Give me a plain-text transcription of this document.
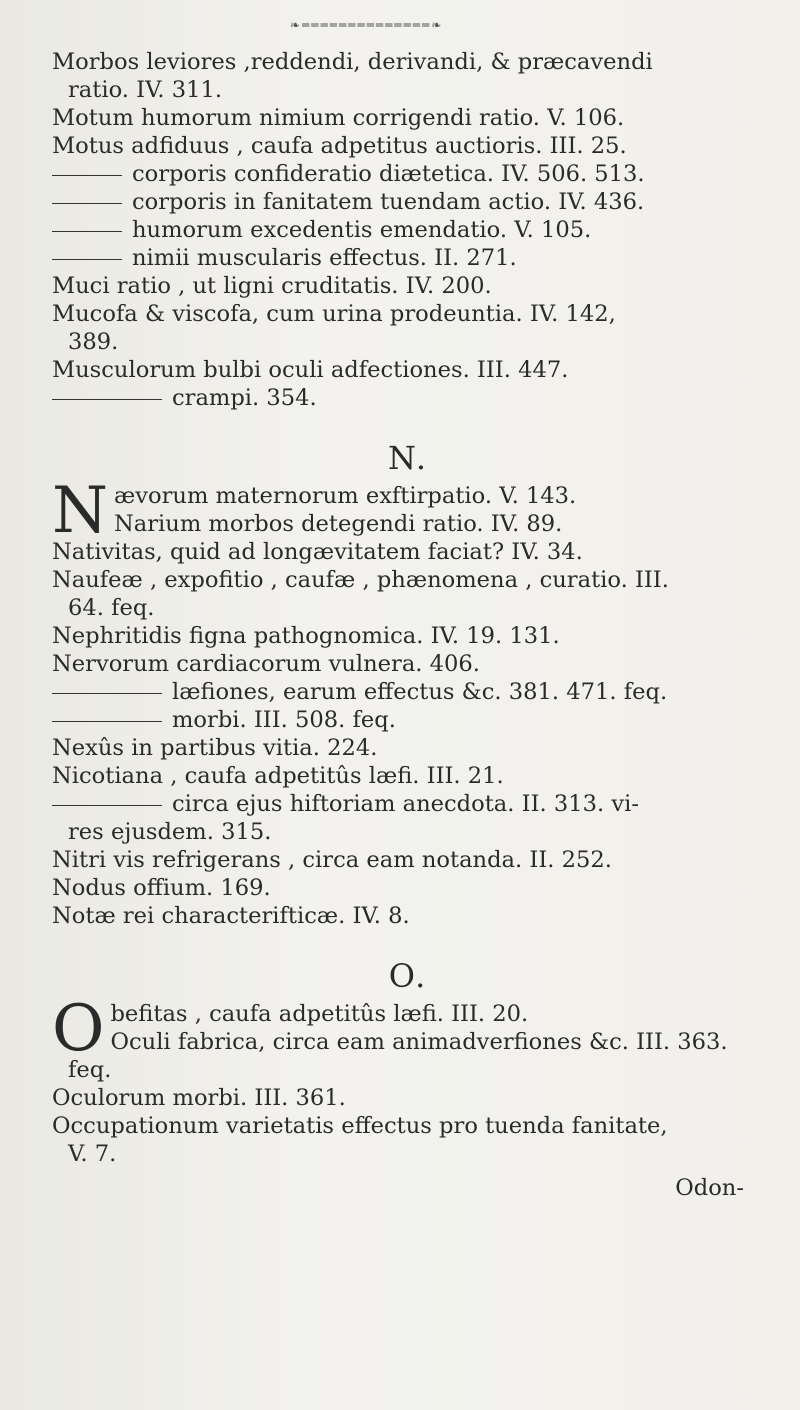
❧══════════════❧

Morbos leviores ,reddendi, derivandi, & præcavendi
ratio. IV. 311.

Motum humorum nimium corrigendi ratio. V. 106.

Motus adfiduus , caufa adpetitus auctioris. III. 25.

corporis confideratio diætetica. IV. 506. 513.

corporis in fanitatem tuendam actio. IV. 436.

humorum excedentis emendatio. V. 105.

nimii muscularis effectus. II. 271.

Muci ratio , ut ligni cruditatis. IV. 200.

Mucofa & viscofa, cum urina prodeuntia. IV. 142,
389.

Musculorum bulbi oculi adfectiones. III. 447.

crampi. 354.

N.

Nævorum maternorum exftirpatio. V. 143.

Narium morbos detegendi ratio. IV. 89.

Nativitas, quid ad longævitatem faciat? IV. 34.

Naufeæ , expofitio , caufæ , phænomena , curatio. III.
64. feq.

Nephritidis figna pathognomica. IV. 19. 131.

Nervorum cardiacorum vulnera. 406.

læfiones, earum effectus &c. 381. 471. feq.

morbi. III. 508. feq.

Nexûs in partibus vitia. 224.

Nicotiana , caufa adpetitûs læfi. III. 21.

circa ejus hiftoriam anecdota. II. 313. vi-
res ejusdem. 315.

Nitri vis refrigerans , circa eam notanda. II. 252.

Nodus offium. 169.

Notæ rei characterifticæ. IV. 8.

O.

Obefitas , caufa adpetitûs læfi. III. 20.

Oculi fabrica, circa eam animadverfiones &c. III. 363.
feq.

Oculorum morbi. III. 361.

Occupationum varietatis effectus pro tuenda fanitate,
V. 7.

Odon-
